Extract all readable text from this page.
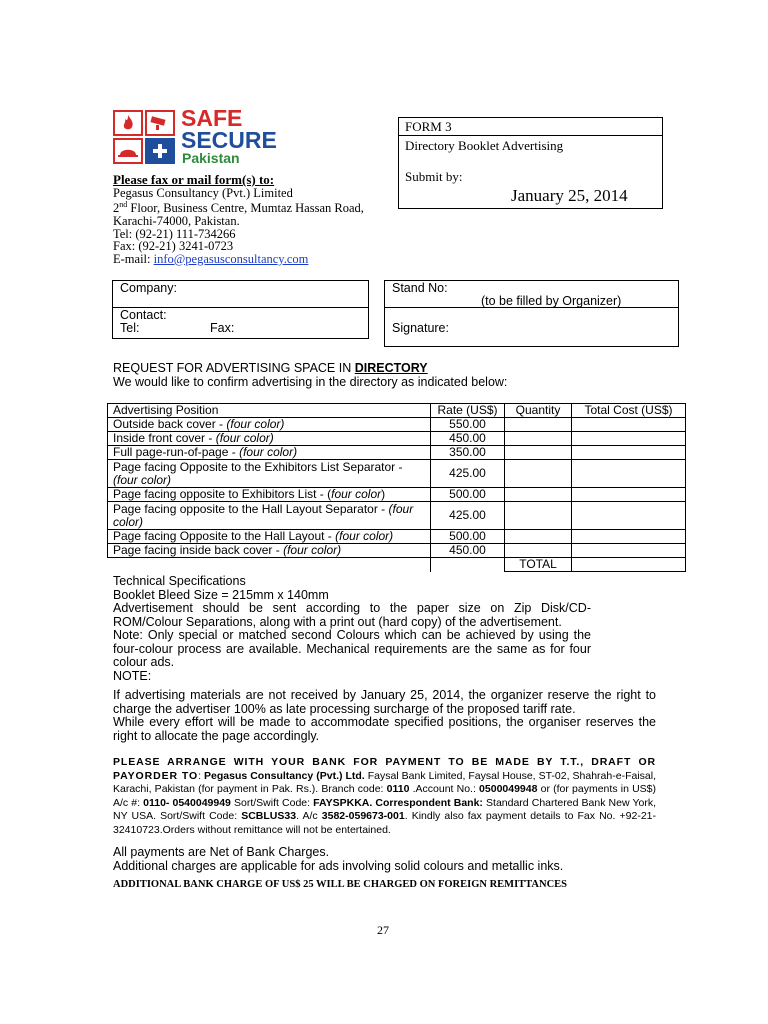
SAFE
SECURE
Pakistan
FORM 3
Directory Booklet Advertising
Submit by:
January 25, 2014
Please fax or mail form(s) to:
Pegasus Consultancy (Pvt.) Limited
2nd Floor, Business Centre, Mumtaz Hassan Road,
Karachi-74000, Pakistan.
Tel: (92-21) 111-734266
Fax: (92-21) 3241-0723
E-mail: info@pegasusconsultancy.com
Company:
Contact:
Tel:	Fax:
Stand No:
(to be filled by Organizer)
Signature:
REQUEST FOR ADVERTISING SPACE IN DIRECTORY
We would like to confirm advertising in the directory as indicated below:
Advertising Position	Rate (US$)	Quantity	Total Cost (US$)
Outside back cover - (four color)	550.00		
Inside front cover - (four color)	450.00		
Full page-run-of-page - (four color)	350.00		
Page facing Opposite to the Exhibitors List Separator - (four color)	425.00		
Page facing opposite to Exhibitors List - (four color)	500.00		
Page facing opposite to the Hall Layout Separator - (four color)	425.00		
Page facing Opposite to the Hall Layout - (four color)	500.00		
Page facing inside back cover - (four color)	450.00		
		TOTAL	
Technical Specifications
Booklet Bleed Size = 215mm x 140mm
Advertisement should be sent according to the paper size on Zip Disk/CD-ROM/Colour Separations, along with a print out (hard copy) of the advertisement.
Note: Only special or matched second Colours which can be achieved by using the four-colour process are available. Mechanical requirements are the same as for four colour ads.
NOTE:
If advertising materials are not received by January 25, 2014, the organizer reserve the right to charge the advertiser 100% as late processing surcharge of the proposed tariff rate.
While every effort will be made to accommodate specified positions, the organiser reserves the right to allocate the page accordingly.
PLEASE ARRANGE WITH YOUR BANK FOR PAYMENT TO BE MADE BY T.T., DRAFT OR PAYORDER TO: Pegasus Consultancy (Pvt.) Ltd. Faysal Bank Limited, Faysal House, ST-02, Shahrah-e-Faisal, Karachi, Pakistan (for payment in Pak. Rs.). Branch code: 0110 .Account No.: 0500049948 or (for payments in US$) A/c #: 0110- 0540049949 Sort/Swift Code: FAYSPKKA. Correspondent Bank: Standard Chartered Bank New York, NY USA. Sort/Swift Code: SCBLUS33. A/c 3582-059673-001. Kindly also fax payment details to Fax No. +92-21-32410723.Orders without remittance will not be entertained.
All payments are Net of Bank Charges.
Additional charges are applicable for ads involving solid colours and metallic inks.
ADDITIONAL BANK CHARGE OF US$ 25 WILL BE CHARGED ON FOREIGN REMITTANCES
27
